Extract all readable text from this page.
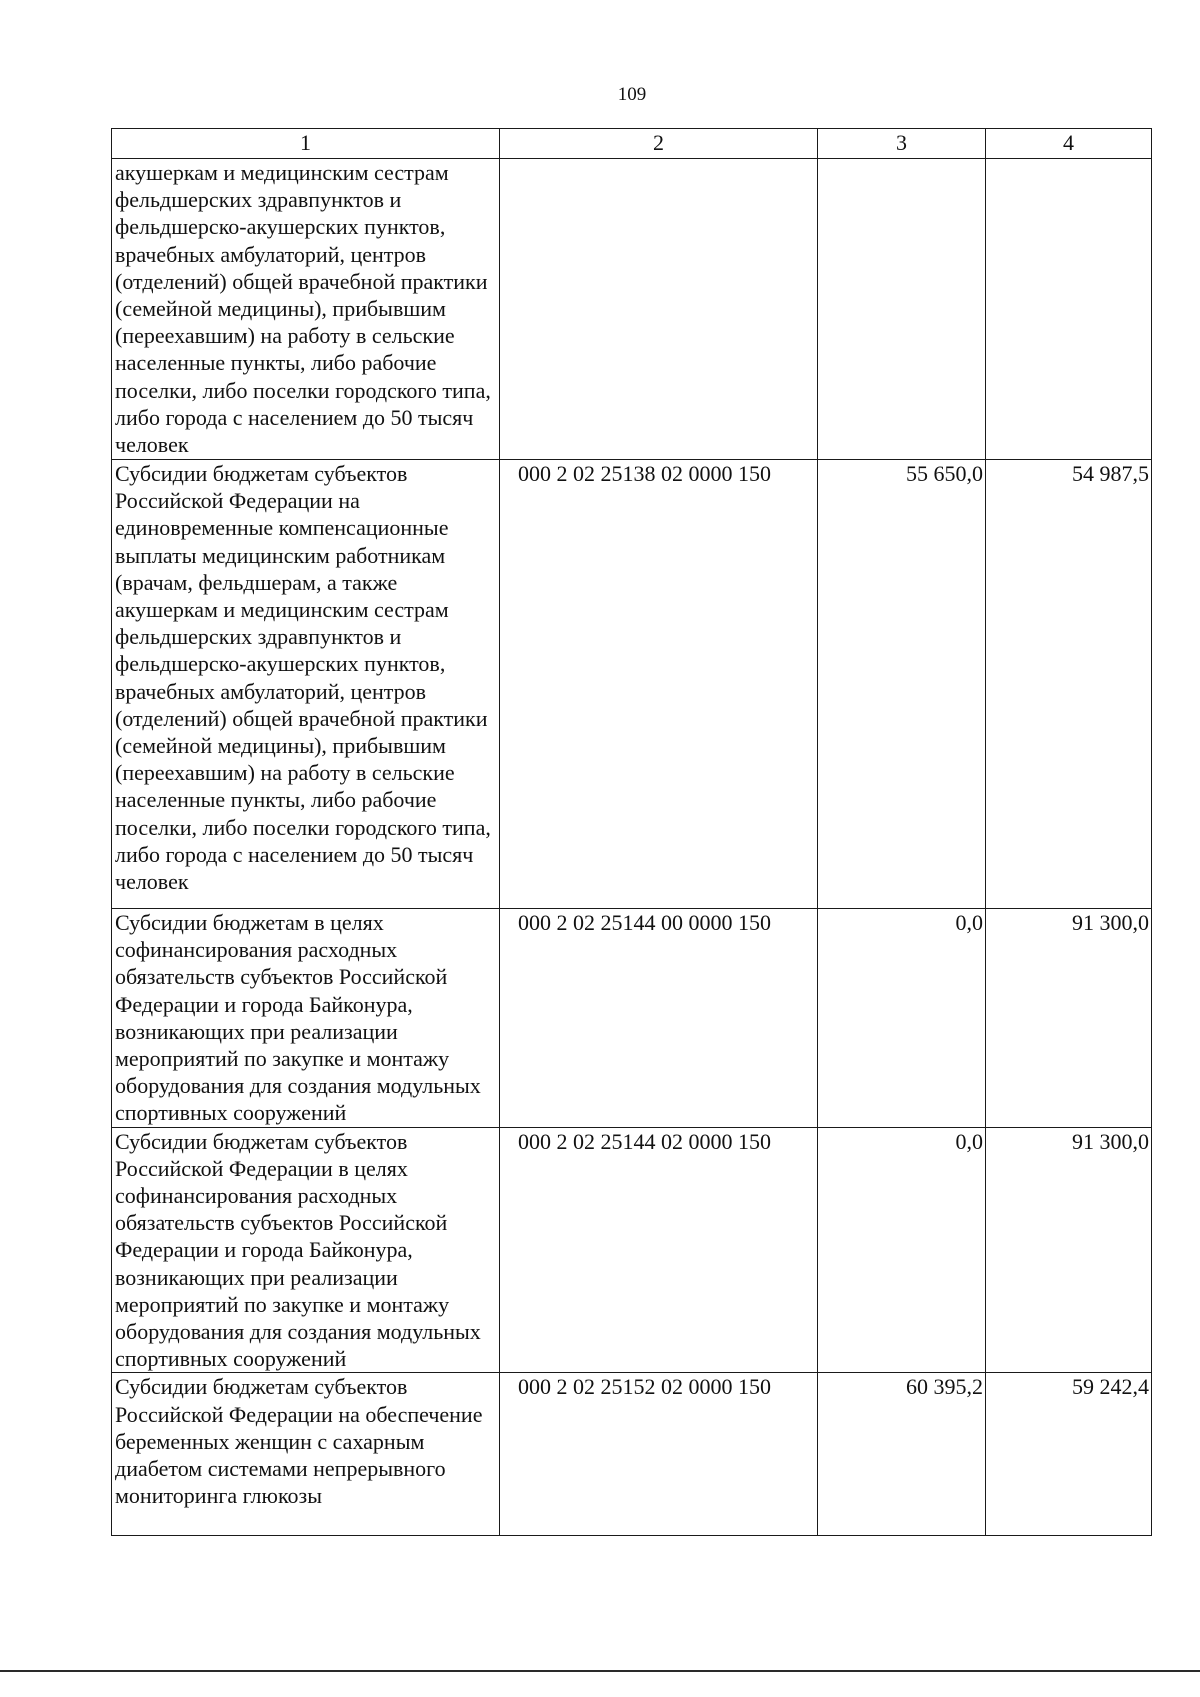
109
1	2	3	4
акушеркам и медицинским сестрам фельдшерских здравпунктов и фельдшерско-акушерских пунктов, врачебных амбулаторий, центров (отделений) общей врачебной практики (семейной медицины), прибывшим (переехавшим) на работу в сельские населенные пункты, либо рабочие поселки, либо поселки городского типа, либо города с населением до 50 тысяч человек			
Субсидии бюджетам субъектов Российской Федерации на единовременные компенсационные выплаты медицинским работникам (врачам, фельдшерам, а также акушеркам и медицинским сестрам фельдшерских здравпунктов и фельдшерско-акушерских пунктов, врачебных амбулаторий, центров (отделений) общей врачебной практики (семейной медицины), прибывшим (переехавшим) на работу в сельские населенные пункты, либо рабочие поселки, либо поселки городского типа, либо города с населением до 50 тысяч человек	000 2 02 25138 02 0000 150	55 650,0	54 987,5
Субсидии бюджетам в целях софинансирования расходных обязательств субъектов Российской Федерации и города Байконура, возникающих при реализации мероприятий по закупке и монтажу оборудования для создания модульных спортивных сооружений	000 2 02 25144 00 0000 150	0,0	91 300,0
Субсидии бюджетам субъектов Российской Федерации в целях софинансирования расходных обязательств субъектов Российской Федерации и города Байконура, возникающих при реализации мероприятий по закупке и монтажу оборудования для создания модульных спортивных сооружений	000 2 02 25144 02 0000 150	0,0	91 300,0
Субсидии бюджетам субъектов Российской Федерации на обеспечение беременных женщин с сахарным диабетом системами непрерывного мониторинга глюкозы	000 2 02 25152 02 0000 150	60 395,2	59 242,4
